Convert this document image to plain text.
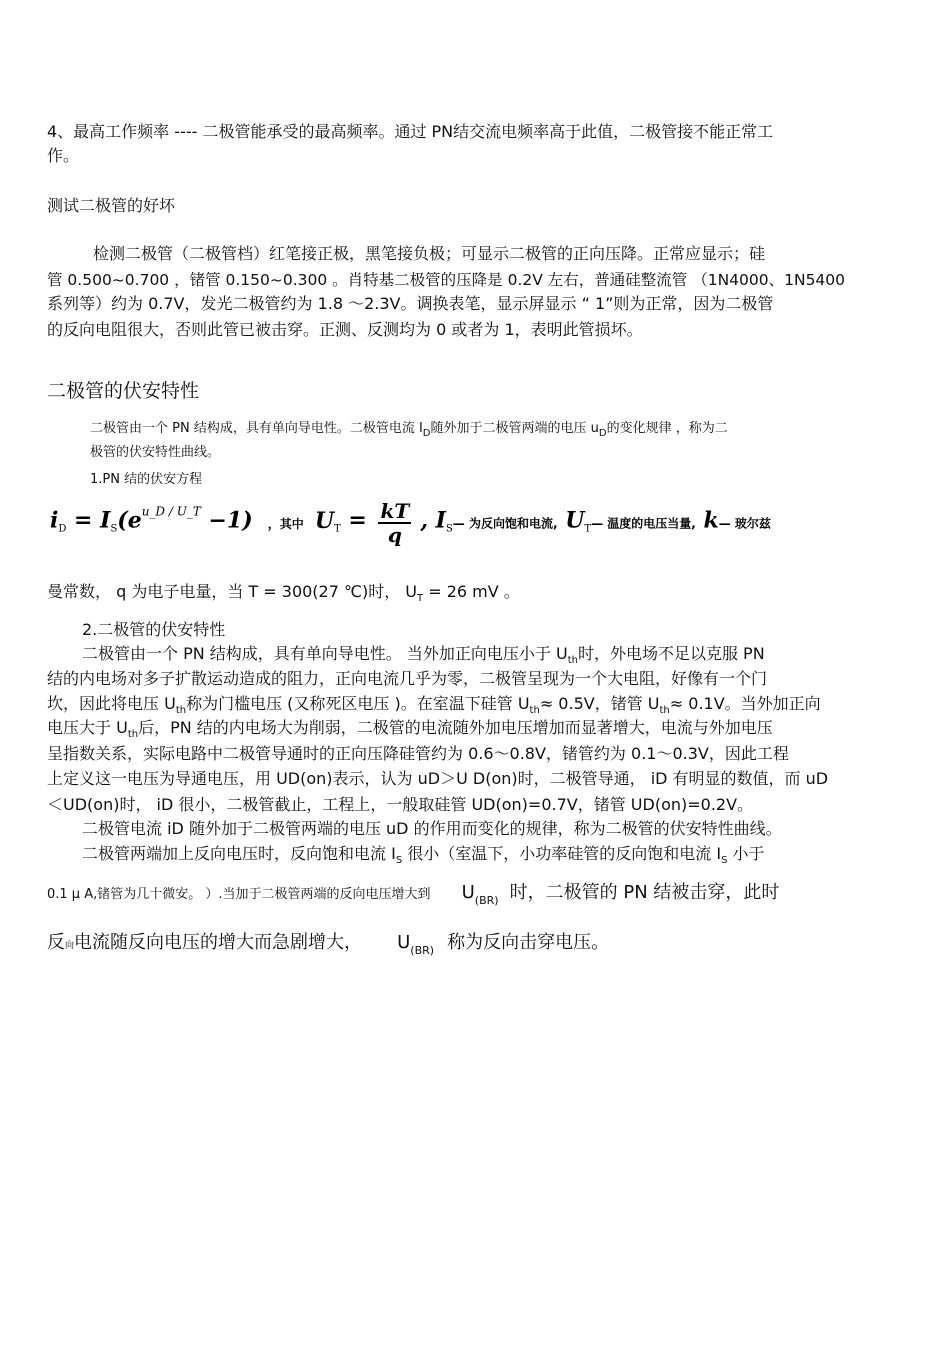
4、最高工作频率 ---- 二极管能承受的最高频率。通过 PN结交流电频率高于此值，二极管接不能正常工
作。
测试二极管的好坏
检测二极管（二极管档）红笔接正极，黑笔接负极；可显示二极管的正向压降。正常应显示；硅
管 0.500~0.700 ，锗管 0.150~0.300 。肖特基二极管的压降是 0.2V 左右，普通硅整流管 （1N4000、1N5400
系列等）约为 0.7V，发光二极管约为 1.8 ～2.3V。调换表笔，显示屏显示 “ 1”则为正常，因为二极管
的反向电阻很大，否则此管已被击穿。正测、反测均为 0 或者为 1，表明此管损坏。
二极管的伏安特性
二极管由一个 PN 结构成，具有单向导电性。二极管电流 $I_D$随外加于二极管两端的电压 $u_D$的变化规律 ，称为二
极管的伏安特性曲线。
1.PN 结的伏安方程
$i_D = I_S(e^{u\_D / U\_T} -1)$ ，其中 $U_T = \frac{kT}{q}$ , $I_S—$ 为反向饱和电流, $U_T—$ 温度的电压当量, k— 玻尔兹
曼常数， q 为电子电量，当 T = 300(27 ℃)时， $U_T = 26$ mV 。
2.二极管的伏安特性
二极管由一个 PN 结构成，具有单向导电性。 当外加正向电压小于 $U_{th}$时，外电场不足以克服 PN
结的内电场对多子扩散运动造成的阻力，正向电流几乎为零，二极管呈现为一个大电阻，好像有一个门
坎，因此将电压 $U_{th}$称为门槛电压 (又称死区电压 )。在室温下硅管 $U_{th}\approx 0.5V$，锗管 $U_{th}\approx 0.1V$。当外加正向
电压大于 $U_{th}$后，PN 结的内电场大为削弱，二极管的电流随外加电压增加而显著增大，电流与外加电压
呈指数关系，实际电路中二极管导通时的正向压降硅管约为 0.6～0.8V，锗管约为 0.1～0.3V，因此工程
上定义这一电压为导通电压，用 UD(on)表示，认为 uD＞U D(on)时，二极管导通， iD 有明显的数值，而 uD
＜UD(on)时， iD 很小，二极管截止，工程上，一般取硅管 UD(on)=0.7V，锗管 UD(on)=0.2V。
二极管电流 iD 随外加于二极管两端的电压 uD 的作用而变化的规律，称为二极管的伏安特性曲线。
二极管两端加上反向电压时，反向饱和电流 $I_S$ 很小（室温下，小功率硅管的反向饱和电流 $I_S$ 小于
0.1 μ A,锗管为几十微安。 ）.当加于二极管两端的反向电压增大到 $U_{(BR)}$ 时，二极管的 PN 结被击穿，此时
反向电流随反向电压的增大而急剧增大， $U_{(BR)}$ 称为反向击穿电压。
